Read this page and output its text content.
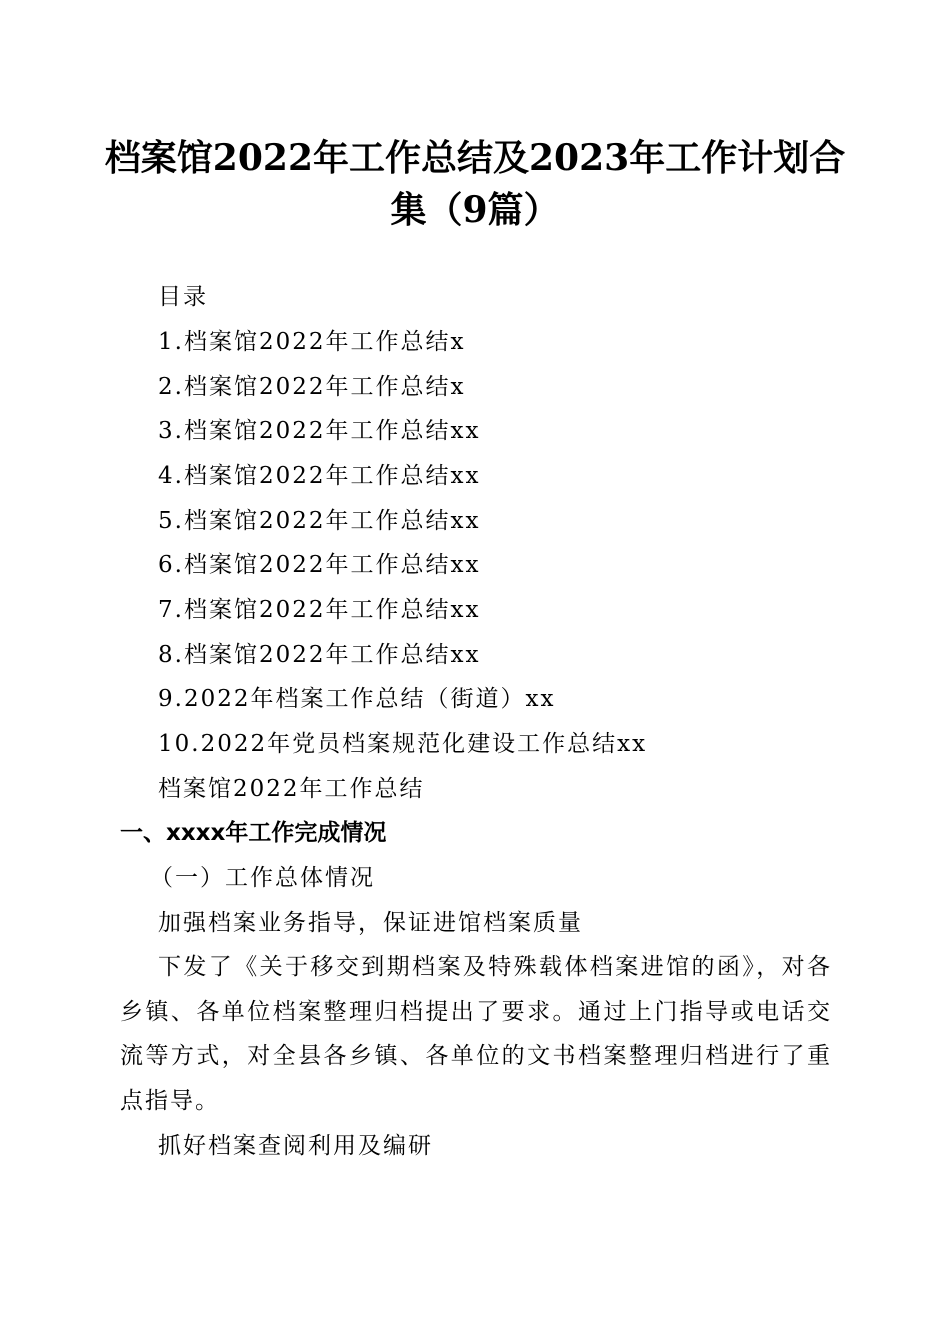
档案馆2022年工作总结及2023年工作计划合
集（9篇）
目录
1.档案馆2022年工作总结x
2.档案馆2022年工作总结x
3.档案馆2022年工作总结xx
4.档案馆2022年工作总结xx
5.档案馆2022年工作总结xx
6.档案馆2022年工作总结xx
7.档案馆2022年工作总结xx
8.档案馆2022年工作总结xx
9.2022年档案工作总结（街道）xx
10.2022年党员档案规范化建设工作总结xx
档案馆2022年工作总结
一、xxxx年工作完成情况
（一）工作总体情况
加强档案业务指导，保证进馆档案质量
下发了《关于移交到期档案及特殊载体档案进馆的函》，对各乡镇、各单位档案整理归档提出了要求。通过上门指导或电话交流等方式，对全县各乡镇、各单位的文书档案整理归档进行了重点指导。
抓好档案查阅利用及编研
